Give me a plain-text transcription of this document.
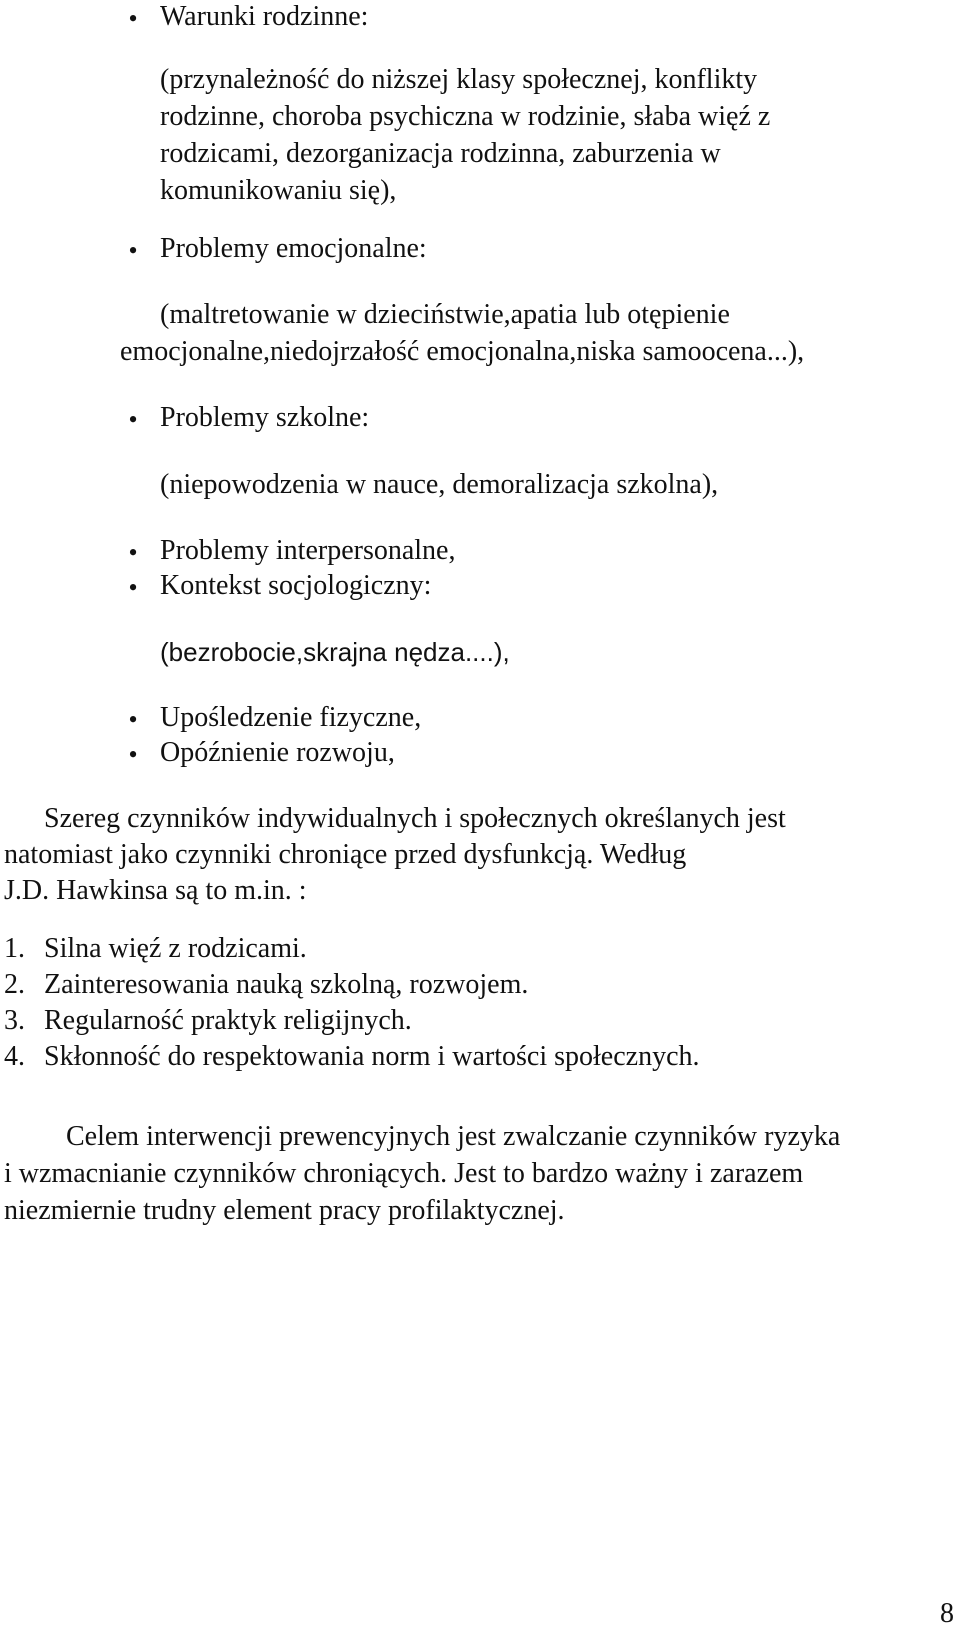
• Warunki rodzinne:
(przynależność do niższej klasy społecznej, konflikty
rodzinne, choroba psychiczna w rodzinie, słaba więź z
rodzicami, dezorganizacja rodzinna, zaburzenia w
komunikowaniu się),
• Problemy emocjonalne:
(maltretowanie w dzieciństwie,apatia lub otępienie
emocjonalne,niedojrzałość emocjonalna,niska samoocena...),
• Problemy szkolne:
(niepowodzenia w nauce, demoralizacja szkolna),
• Problemy interpersonalne,
• Kontekst socjologiczny:
(bezrobocie,skrajna nędza....),
• Upośledzenie fizyczne,
• Opóźnienie rozwoju,
Szereg czynników indywidualnych i społecznych określanych jest
natomiast jako czynniki chroniące przed dysfunkcją. Według
J.D. Hawkinsa są to m.in. :
1. Silna więź z rodzicami.
2. Zainteresowania nauką szkolną, rozwojem.
3. Regularność praktyk religijnych.
4. Skłonność do respektowania norm i wartości społecznych.
Celem interwencji prewencyjnych jest zwalczanie czynników ryzyka
i wzmacnianie czynników chroniących. Jest to bardzo ważny i zarazem
niezmiernie trudny element pracy profilaktycznej.
8
